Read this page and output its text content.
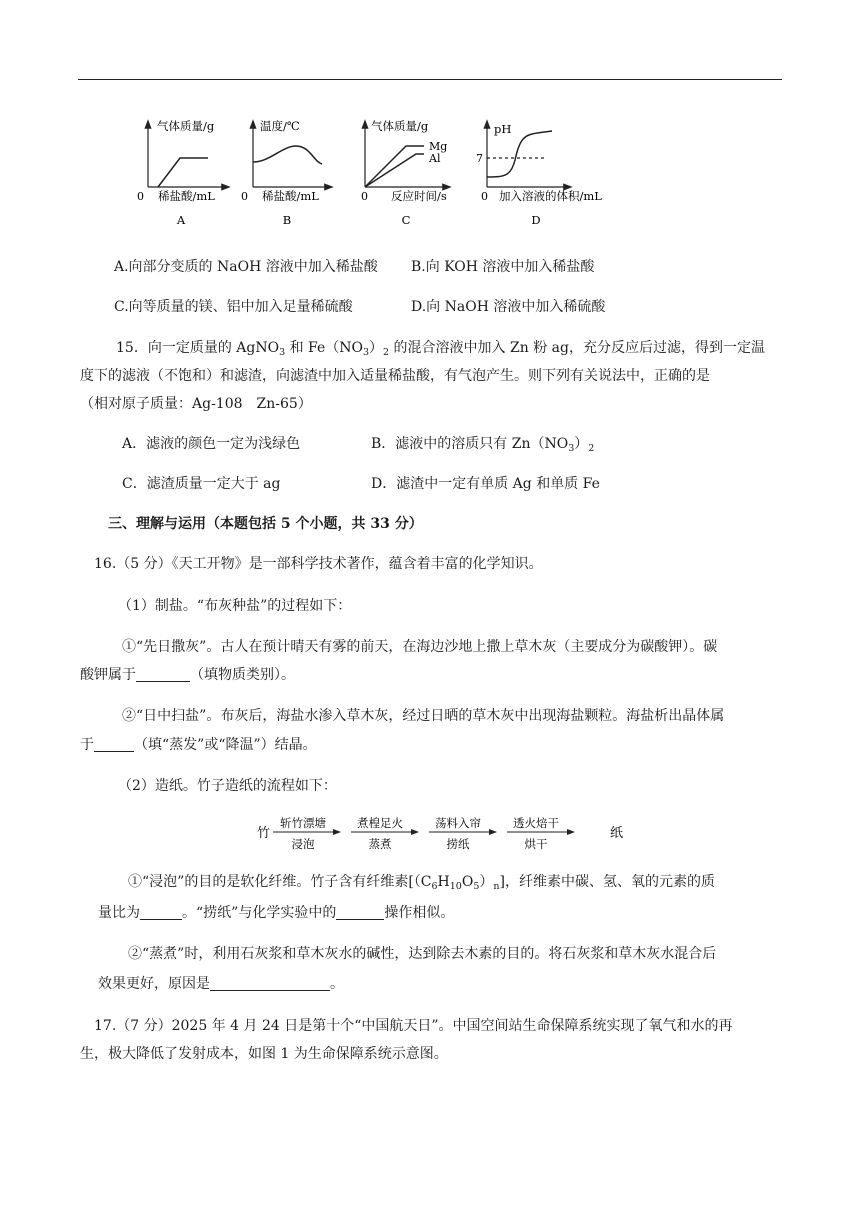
气体质量/g
0 稀盐酸/mL
A
温度/℃
0 稀盐酸/mL
B
气体质量/g
Mg
Al
0 反应时间/s
C
pH
7
0 加入溶液的体积/mL
D
A.向部分变质的 NaOH 溶液中加入稀盐酸 B.向 KOH 溶液中加入稀盐酸
C.向等质量的镁、铝中加入足量稀硫酸	D.向 NaOH 溶液中加入稀硫酸
15．向一定质量的 AgNO$_3$ 和 $Fe(NO_3)_2$ 的混合溶液中加入 Zn 粉 ag，充分反应后过滤，得到一定温
度下的滤液（不饱和）和滤渣，向滤渣中加入适量稀盐酸，有气泡产生。则下列有关说法中，正确的是
（相对原子质量：Ag-108　Zn-65）
A．滤液的颜色一定为浅绿色	B．滤液中的溶质只有 $Zn(NO_3)_2$
C．滤渣质量一定大于 ag	D．滤渣中一定有单质 Ag 和单质 Fe
三、理解与运用（本题包括 5 个小题，共 33 分）
16.（5 分）《天工开物》是一部科学技术著作，蕴含着丰富的化学知识。
（1）制盐。“布灰种盐”的过程如下：
①“先日撒灰”。古人在预计晴天有雾的前天，在海边沙地上撒上草木灰（主要成分为碳酸钾）。碳
酸钾属于	（填物质类别）。
②“日中扫盐”。布灰后，海盐水渗入草木灰，经过日晒的草木灰中出现海盐颗粒。海盐析出晶体属
于	（填“蒸发”或“降温”）结晶。
（2）造纸。竹子造纸的流程如下：
竹
斩竹漂塘
浸泡
煮楻足火
蒸煮
荡料入帘
捞纸
透火焙干
烘干
纸
①“浸泡”的目的是软化纤维。竹子含有纤维素$[(C_6H_{10}O_5)_n]$，纤维素中碳、氢、氧的元素的质
量比为	。“捞纸”与化学实验中的	操作相似。
②“蒸煮”时，利用石灰浆和草木灰水的碱性，达到除去木素的目的。将石灰浆和草木灰水混合后
效果更好，原因是	。
17.（7 分）2025 年 4 月 24 日是第十个“中国航天日”。中国空间站生命保障系统实现了氧气和水的再
生，极大降低了发射成本，如图 1 为生命保障系统示意图。
